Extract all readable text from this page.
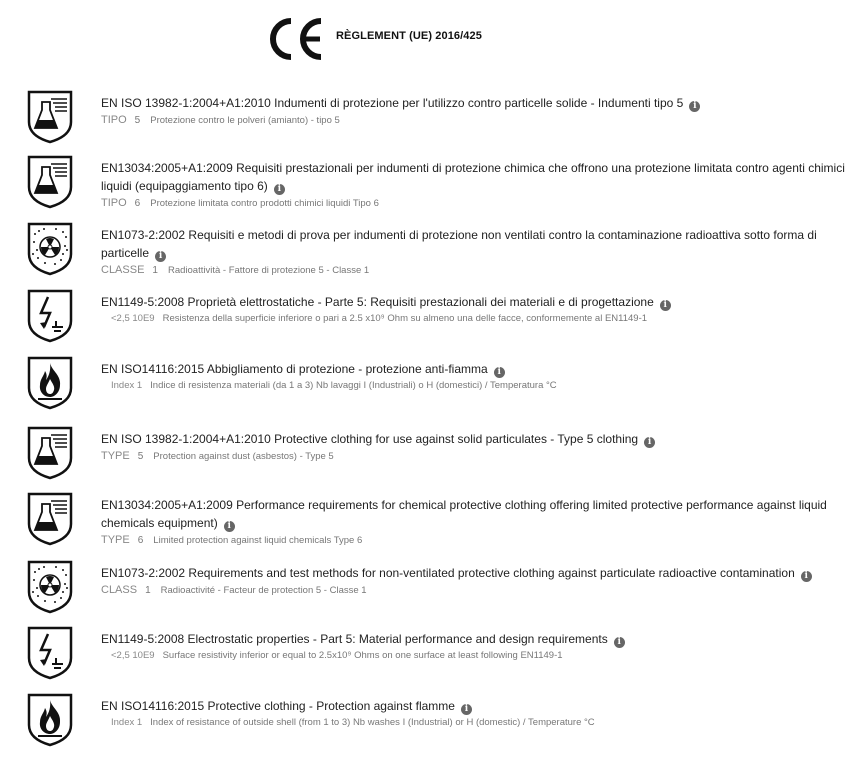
RÈGLEMENT (UE) 2016/425
EN ISO 13982-1:2004+A1:2010 Indumenti di protezione per l'utilizzo contro particelle solide - Indumenti tipo 5 i
TIPO 5 Protezione contro le polveri (amianto) - tipo 5
EN13034:2005+A1:2009 Requisiti prestazionali per indumenti di protezione chimica che offrono una protezione limitata contro agenti chimici liquidi (equipaggiamento tipo 6) i
TIPO 6 Protezione limitata contro prodotti chimici liquidi Tipo 6
EN1073-2:2002 Requisiti e metodi di prova per indumenti di protezione non ventilati contro la contaminazione radioattiva sotto forma di particelle i
CLASSE 1 Radioattività - Fattore di protezione 5 - Classe 1
EN1149-5:2008 Proprietà elettrostatiche - Parte 5: Requisiti prestazionali dei materiali e di progettazione i
<2,5 10E9 Resistenza della superficie inferiore o pari a 2.5 x10⁹ Ohm su almeno una delle facce, conformemente al EN1149-1
EN ISO14116:2015 Abbigliamento di protezione - protezione anti-fiamma i
Index 1 Indice di resistenza materiali (da 1 a 3) Nb lavaggi I (Industriali) o H (domestici) / Temperatura °C
EN ISO 13982-1:2004+A1:2010 Protective clothing for use against solid particulates - Type 5 clothing i
TYPE 5 Protection against dust (asbestos) - Type 5
EN13034:2005+A1:2009 Performance requirements for chemical protective clothing offering limited protective performance against liquid chemicals equipment) i
TYPE 6 Limited protection against liquid chemicals Type 6
EN1073-2:2002 Requirements and test methods for non-ventilated protective clothing against particulate radioactive contamination i
CLASS 1 Radioactivité - Facteur de protection 5 - Classe 1
EN1149-5:2008 Electrostatic properties - Part 5: Material performance and design requirements i
<2,5 10E9 Surface resistivity inferior or equal to 2.5x10⁹ Ohms on one surface at least following EN1149-1
EN ISO14116:2015 Protective clothing - Protection against flamme i
Index 1 Index of resistance of outside shell (from 1 to 3) Nb washes I (Industrial) or H (domestic) / Temperature °C
